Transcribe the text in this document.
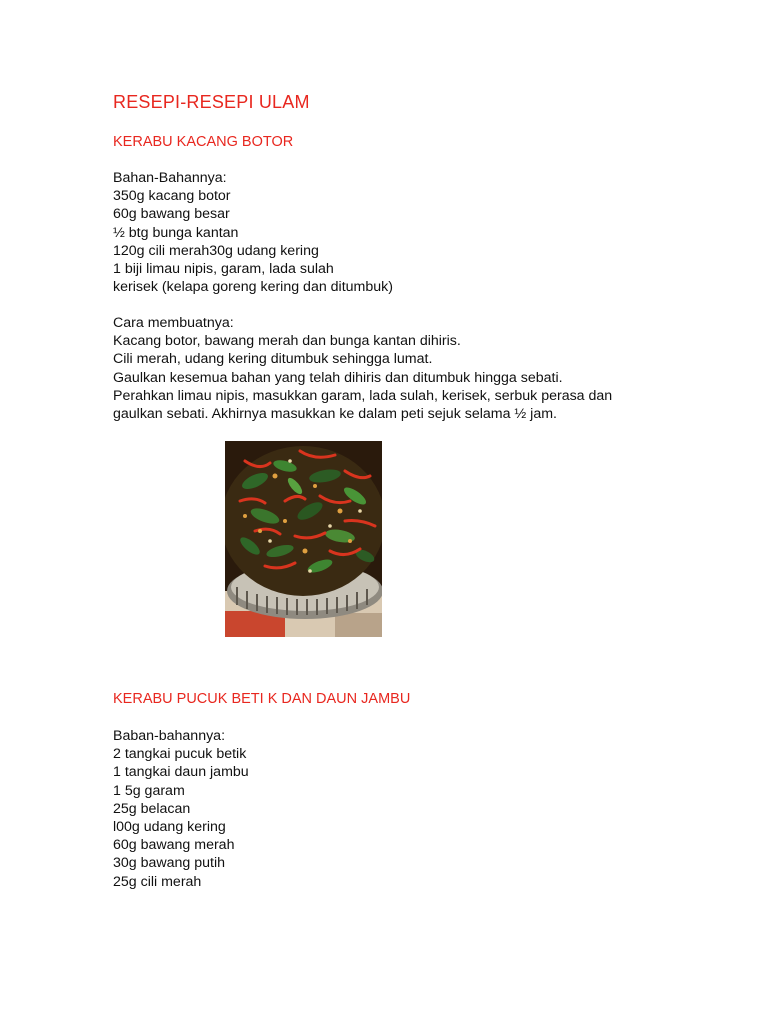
RESEPI-RESEPI ULAM
KERABU KACANG BOTOR
Bahan-Bahannya:
350g kacang botor
60g bawang besar
½ btg bunga kantan
120g cili merah30g udang kering
1 biji limau nipis, garam, lada sulah
kerisek (kelapa goreng kering dan ditumbuk)
Cara membuatnya:
Kacang botor, bawang merah dan bunga kantan dihiris.
Cili merah, udang kering ditumbuk sehingga lumat.
Gaulkan kesemua bahan yang telah dihiris dan ditumbuk hingga sebati.
Perahkan limau nipis, masukkan garam, lada sulah, kerisek, serbuk perasa dan
gaulkan sebati. Akhirnya masukkan ke dalam peti sejuk selama ½ jam.
KERABU PUCUK BETI K DAN DAUN JAMBU
Baban-bahannya:
2 tangkai pucuk betik
1 tangkai daun jambu
1 5g garam
25g belacan
l00g udang kering
60g bawang merah
30g bawang putih
25g cili merah
